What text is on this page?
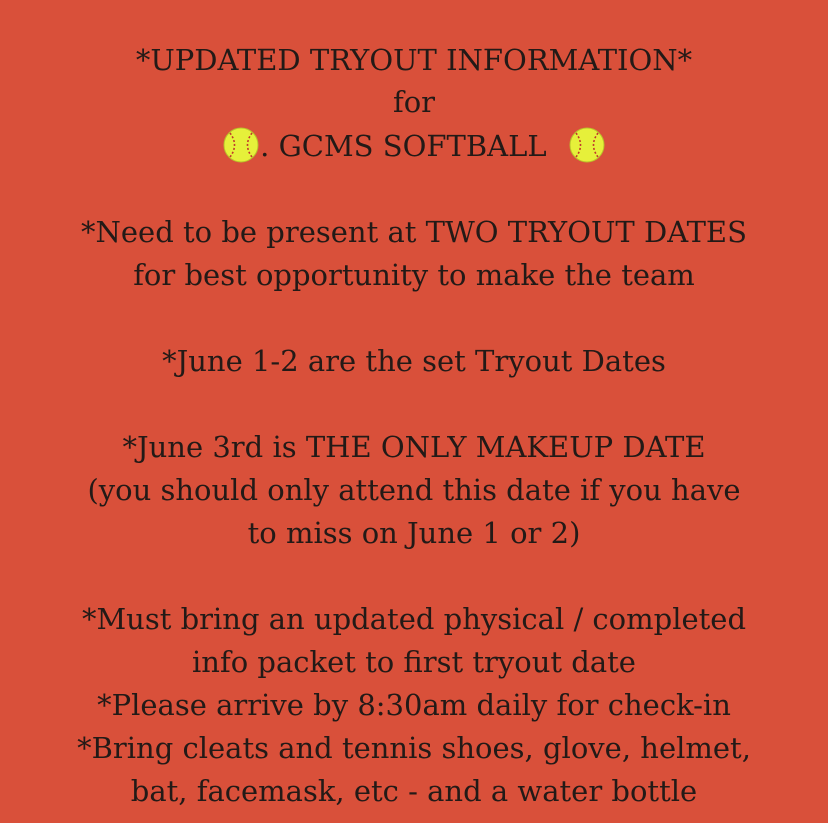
*UPDATED TRYOUT INFORMATION*
for
. GCMS SOFTBALL
*Need to be present at TWO TRYOUT DATES
for best opportunity to make the team
*June 1-2 are the set Tryout Dates
*June 3rd is THE ONLY MAKEUP DATE
(you should only attend this date if you have
to miss on June 1 or 2)
*Must bring an updated physical / completed
info packet to first tryout date
*Please arrive by 8:30am daily for check-in
*Bring cleats and tennis shoes, glove, helmet,
bat, facemask, etc - and a water bottle
